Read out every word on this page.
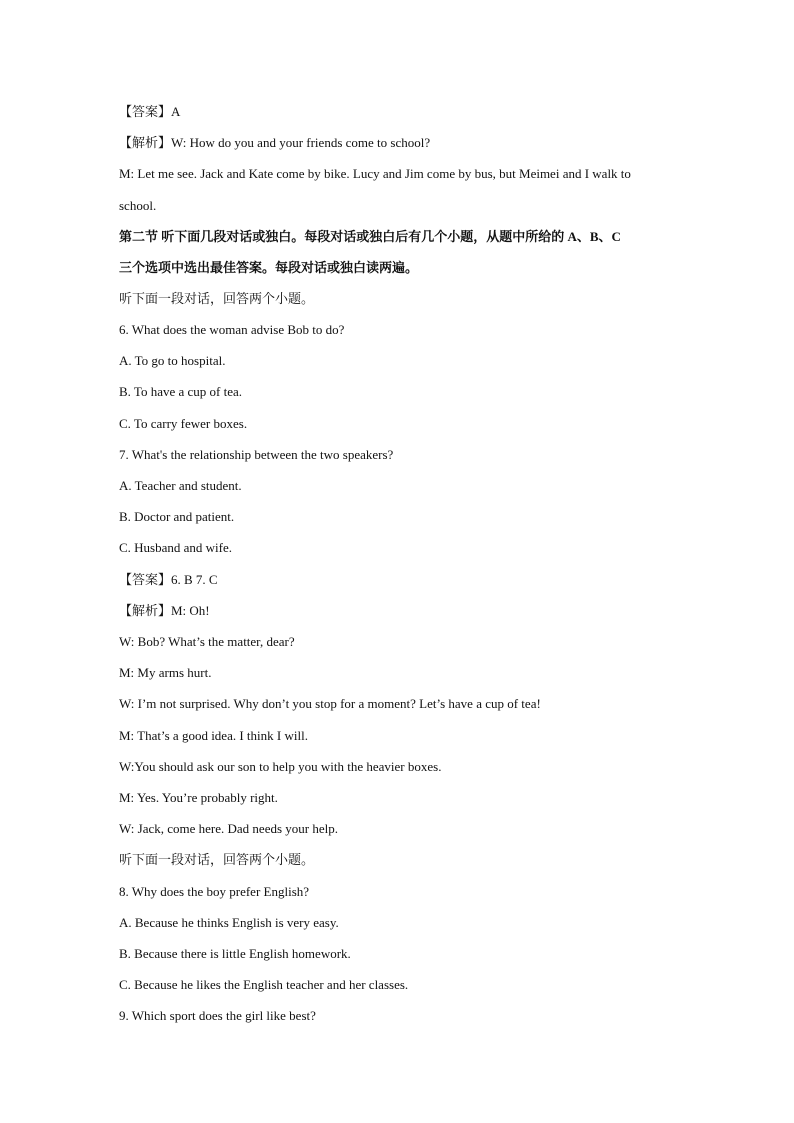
【答案】A
【解析】W: How do you and your friends come to school?
M: Let me see. Jack and Kate come by bike. Lucy and Jim come by bus, but Meimei and I walk to
school.
第二节 听下面几段对话或独白。每段对话或独白后有几个小题，从题中所给的 A、B、C
三个选项中选出最佳答案。每段对话或独白读两遍。
听下面一段对话，回答两个小题。
6. What does the woman advise Bob to do?
A. To go to hospital.
B. To have a cup of tea.
C. To carry fewer boxes.
7. What's the relationship between the two speakers?
A. Teacher and student.
B. Doctor and patient.
C. Husband and wife.
【答案】6. B 7. C
【解析】M: Oh!
W: Bob? What’s the matter, dear?
M: My arms hurt.
W: I’m not surprised. Why don’t you stop for a moment? Let’s have a cup of tea!
M: That’s a good idea. I think I will.
W:You should ask our son to help you with the heavier boxes.
M: Yes. You’re probably right.
W: Jack, come here. Dad needs your help.
听下面一段对话，回答两个小题。
8. Why does the boy prefer English?
A. Because he thinks English is very easy.
B. Because there is little English homework.
C. Because he likes the English teacher and her classes.
9. Which sport does the girl like best?
